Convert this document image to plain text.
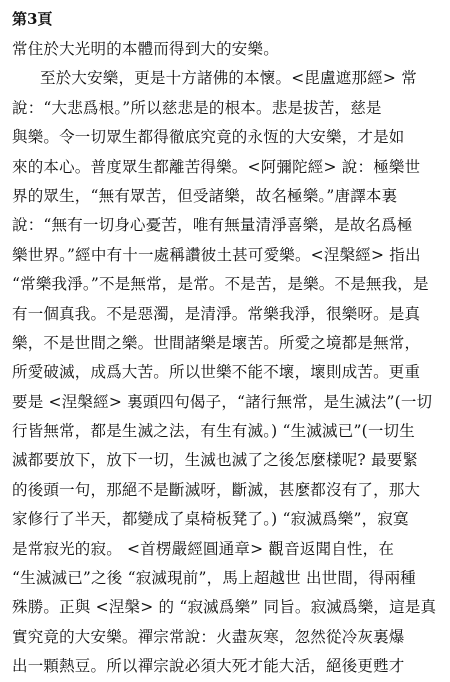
第3頁
常住於大光明的本體而得到大的安樂。
至於大安樂，更是十方諸佛的本懷。<毘盧遮那經> 常
說：“大悲爲根。”所以慈悲是的根本。悲是拔苦，慈是
與樂。令一切眾生都得徹底究竟的永恆的大安樂，才是如
來的本心。普度眾生都離苦得樂。<阿彌陀經> 說：極樂世
界的眾生，“無有眾苦，但受諸樂，故名極樂。”唐譯本裏
說：“無有一切身心憂苦，唯有無量清淨喜樂，是故名爲極
樂世界。”經中有十一處稱讚彼土甚可愛樂。<涅槃經> 指出
“常樂我淨。”不是無常，是常。不是苦，是樂。不是無我，是
有一個真我。不是惡濁，是清淨。常樂我淨，很樂呀。是真
樂，不是世間之樂。世間諸樂是壞苦。所愛之境都是無常，
所愛破滅，成爲大苦。所以世樂不能不壞，壞則成苦。更重
要是 <涅槃經> 裏頭四句偈子，“諸行無常，是生滅法”(一切
行皆無常，都是生滅之法，有生有滅。) “生滅滅已”(一切生
滅都要放下，放下一切，生滅也滅了之後怎麼樣呢? 最要緊
的後頭一句，那絕不是斷滅呀，斷滅，甚麼都沒有了，那大
家修行了半天，都變成了桌椅板凳了。) “寂滅爲樂”，寂寞
是常寂光的寂。 <首楞嚴經圓通章> 觀音返聞自性，在
“生滅滅已”之後 “寂滅現前”，馬上超越世 出世間，得兩種
殊勝。正與 <涅槃> 的 “寂滅爲樂” 同旨。寂滅爲樂，這是真
實究竟的大安樂。禪宗常說：火盡灰寒，忽然從冷灰裏爆
出一顆熱豆。所以禪宗說必須大死才能大活，絕後更甦才
